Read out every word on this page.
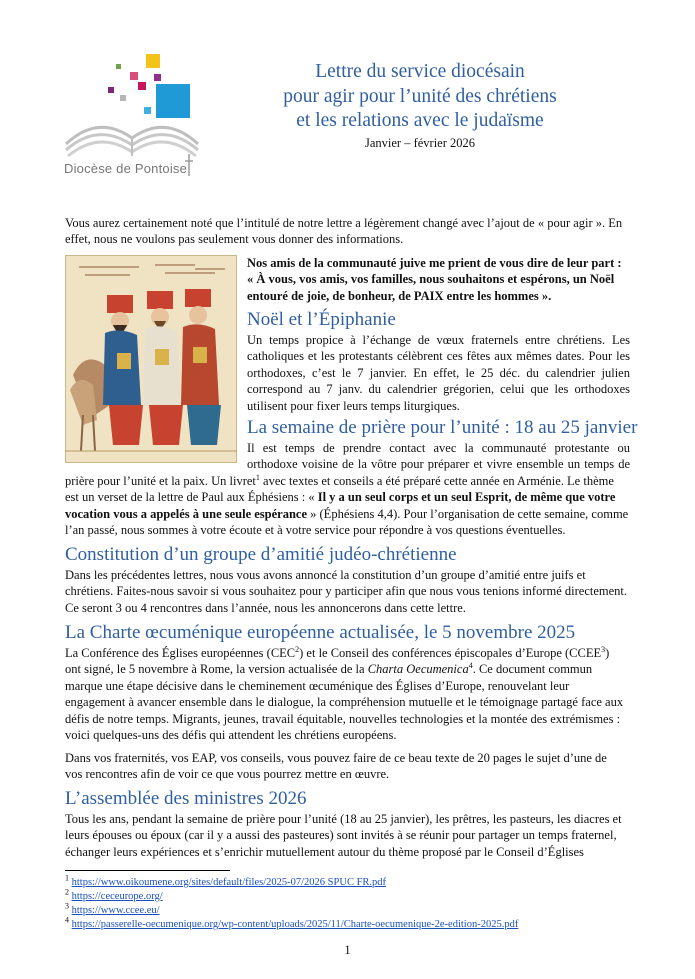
Diocèse de Pontoise
Lettre du service diocésain
pour agir pour l’unité des chrétiens
et les relations avec le judaïsme
Janvier – février 2026
Vous aurez certainement noté que l’intitulé de notre lettre a légèrement changé avec l’ajout de « pour agir ». En
effet, nous ne voulons pas seulement vous donner des informations.
Nos amis de la communauté juive me prient de vous dire de leur part :
« À vous, vos amis, vos familles, nous souhaitons et espérons, un Noël
entouré de joie, de bonheur, de PAIX entre les hommes ».
Noël et l’Épiphanie
Un temps propice à l’échange de vœux fraternels entre chrétiens. Les
catholiques et les protestants célèbrent ces fêtes aux mêmes dates. Pour les
orthodoxes, c’est le 7 janvier. En effet, le 25 déc. du calendrier julien
correspond au 7 janv. du calendrier grégorien, celui que les orthodoxes
utilisent pour fixer leurs temps liturgiques.
La semaine de prière pour l’unité : 18 au 25 janvier
Il est temps de prendre contact avec la communauté protestante ou
orthodoxe voisine de la vôtre pour préparer et vivre ensemble un temps de
prière pour l’unité et la paix. Un livret$^1$ avec textes et conseils a été préparé cette année en Arménie. Le thème
est un verset de la lettre de Paul aux Éphésiens : « Il y a un seul corps et un seul Esprit, de même que votre
vocation vous a appelés à une seule espérance » (Éphésiens 4,4). Pour l’organisation de cette semaine, comme
l’an passé, nous sommes à votre écoute et à votre service pour répondre à vos questions éventuelles.
Constitution d’un groupe d’amitié judéo-chrétienne
Dans les précédentes lettres, nous vous avons annoncé la constitution d’un groupe d’amitié entre juifs et
chrétiens. Faites-nous savoir si vous souhaitez pour y participer afin que nous vous tenions informé directement.
Ce seront 3 ou 4 rencontres dans l’année, nous les annoncerons dans cette lettre.
La Charte œcuménique européenne actualisée, le 5 novembre 2025
La Conférence des Églises européennes (CEC$^2$) et le Conseil des conférences épiscopales d’Europe (CCEE$^3$)
ont signé, le 5 novembre à Rome, la version actualisée de la Charta Oecumenica$^4$. Ce document commun
marque une étape décisive dans le cheminement œcuménique des Églises d’Europe, renouvelant leur
engagement à avancer ensemble dans le dialogue, la compréhension mutuelle et le témoignage partagé face aux
défis de notre temps. Migrants, jeunes, travail équitable, nouvelles technologies et la montée des extrémismes :
voici quelques-uns des défis qui attendent les chrétiens européens.
Dans vos fraternités, vos EAP, vos conseils, vous pouvez faire de ce beau texte de 20 pages le sujet d’une de
vos rencontres afin de voir ce que vous pourrez mettre en œuvre.
L’assemblée des ministres 2026
Tous les ans, pendant la semaine de prière pour l’unité (18 au 25 janvier), les prêtres, les pasteurs, les diacres et
leurs épouses ou époux (car il y a aussi des pasteures) sont invités à se réunir pour partager un temps fraternel,
échanger leurs expériences et s’enrichir mutuellement autour du thème proposé par le Conseil d’Églises
$^1$ https://www.oikoumene.org/sites/default/files/2025-07/2026 SPUC FR.pdf
$^2$ https://ceceurope.org/
$^3$ https://www.ccee.eu/
$^4$ https://passerelle-oecumenique.org/wp-content/uploads/2025/11/Charte-oecumenique-2e-edition-2025.pdf
1
